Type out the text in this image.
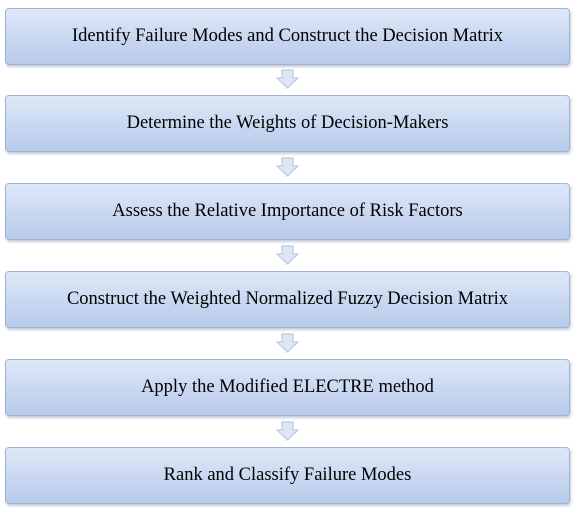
Identify Failure Modes and Construct the Decision Matrix
Determine the Weights of Decision-Makers
Assess the Relative Importance of Risk Factors
Construct the Weighted Normalized Fuzzy Decision Matrix
Apply the Modified ELECTRE method
Rank and Classify Failure Modes
